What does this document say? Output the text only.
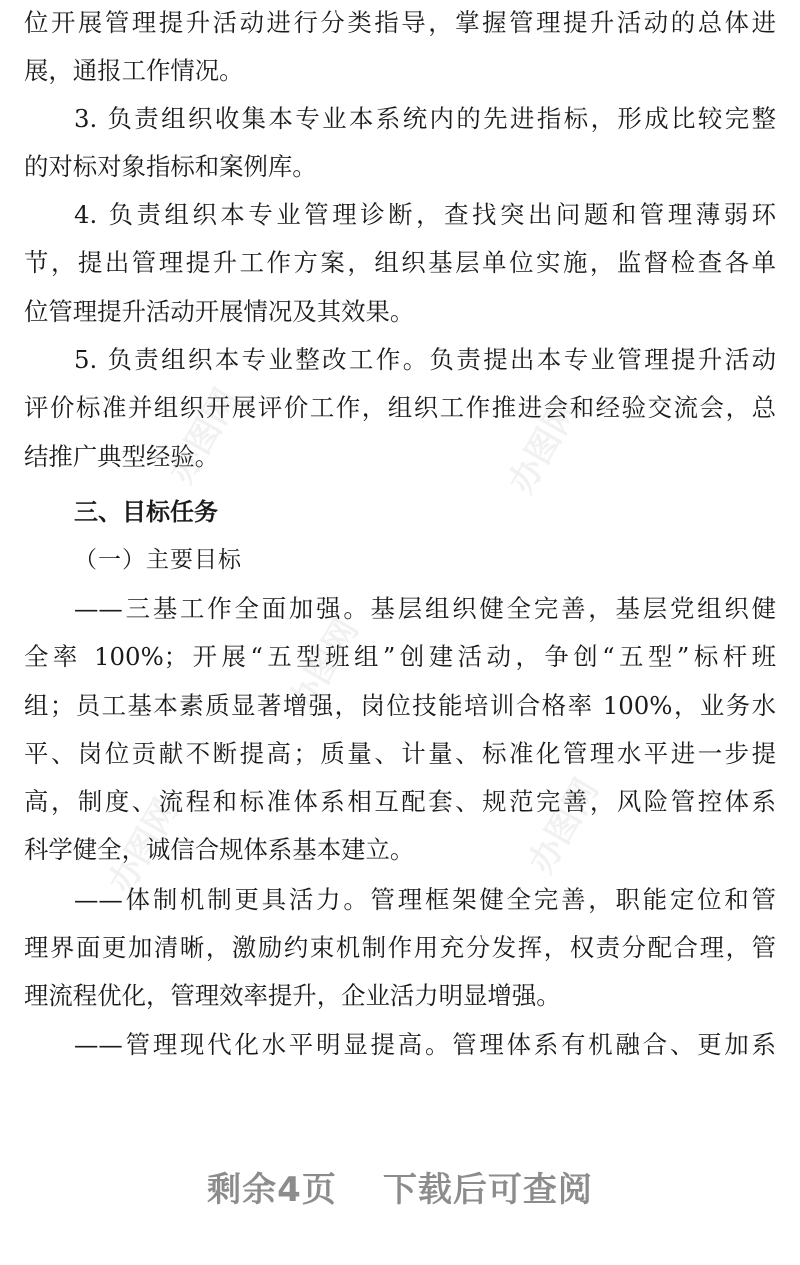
位开展管理提升活动进行分类指导，掌握管理提升活动的总体进
展，通报工作情况。
3. 负责组织收集本专业本系统内的先进指标，形成比较完整
的对标对象指标和案例库。
4. 负责组织本专业管理诊断，查找突出问题和管理薄弱环
节，提出管理提升工作方案，组织基层单位实施，监督检查各单
位管理提升活动开展情况及其效果。
5. 负责组织本专业整改工作。负责提出本专业管理提升活动
评价标准并组织开展评价工作，组织工作推进会和经验交流会，总
结推广典型经验。
三、目标任务
（一）主要目标
——三基工作全面加强。基层组织健全完善，基层党组织健
全率 100%；开展“五型班组”创建活动，争创“五型”标杆班
组；员工基本素质显著增强，岗位技能培训合格率 100%，业务水
平、岗位贡献不断提高；质量、计量、标准化管理水平进一步提
高，制度、流程和标准体系相互配套、规范完善，风险管控体系
科学健全，诚信合规体系基本建立。
——体制机制更具活力。管理框架健全完善，职能定位和管
理界面更加清晰，激励约束机制作用充分发挥，权责分配合理，管
理流程优化，管理效率提升，企业活力明显增强。
——管理现代化水平明显提高。管理体系有机融合、更加系
办图网	办图网
办图网
办图网	办图网
剩余4页 下载后可查阅
